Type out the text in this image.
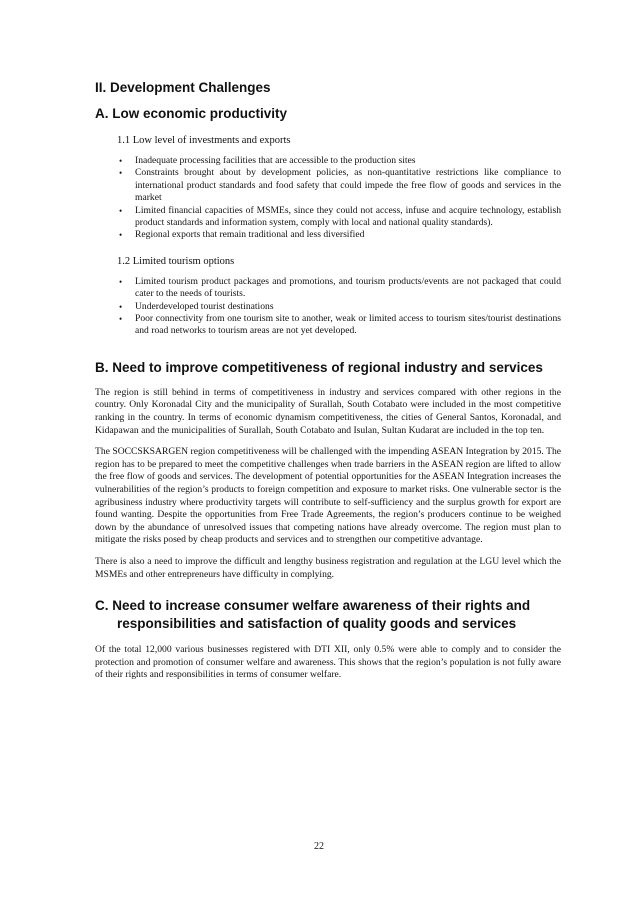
II. Development Challenges
A. Low economic productivity
1.1 Low level of investments and exports
• Inadequate processing facilities that are accessible to the production sites
• Constraints brought about by development policies, as non-quantitative restrictions like compliance to international product standards and food safety that could impede the free flow of goods and services in the market
• Limited financial capacities of MSMEs, since they could not access, infuse and acquire technology, establish product standards and information system, comply with local and national quality standards).
• Regional exports that remain traditional and less diversified
1.2 Limited tourism options
• Limited tourism product packages and promotions, and tourism products/events are not packaged that could cater to the needs of tourists.
• Underdeveloped tourist destinations
• Poor connectivity from one tourism site to another, weak or limited access to tourism sites/tourist destinations and road networks to tourism areas are not yet developed.
B. Need to improve competitiveness of regional industry and services

The region is still behind in terms of competitiveness in industry and services compared with other regions in the country. Only Koronadal City and the municipality of Surallah, South Cotabato were included in the most competitive ranking in the country. In terms of economic dynamism competitiveness, the cities of General Santos, Koronadal, and Kidapawan and the municipalities of Surallah, South Cotabato and Isulan, Sultan Kudarat are included in the top ten.

The SOCCSKSARGEN region competitiveness will be challenged with the impending ASEAN Integration by 2015. The region has to be prepared to meet the competitive challenges when trade barriers in the ASEAN region are lifted to allow the free flow of goods and services. The development of potential opportunities for the ASEAN Integration increases the vulnerabilities of the region’s products to foreign competition and exposure to market risks. One vulnerable sector is the agribusiness industry where productivity targets will contribute to self-sufficiency and the surplus growth for export are found wanting. Despite the opportunities from Free Trade Agreements, the region’s producers continue to be weighed down by the abundance of unresolved issues that competing nations have already overcome. The region must plan to mitigate the risks posed by cheap products and services and to strengthen our competitive advantage.

There is also a need to improve the difficult and lengthy business registration and regulation at the LGU level which the MSMEs and other entrepreneurs have difficulty in complying.

C. Need to increase consumer welfare awareness of their rights and responsibilities and satisfaction of quality goods and services

Of the total 12,000 various businesses registered with DTI XII, only 0.5% were able to comply and to consider the protection and promotion of consumer welfare and awareness. This shows that the region’s population is not fully aware of their rights and responsibilities in terms of consumer welfare.

22
